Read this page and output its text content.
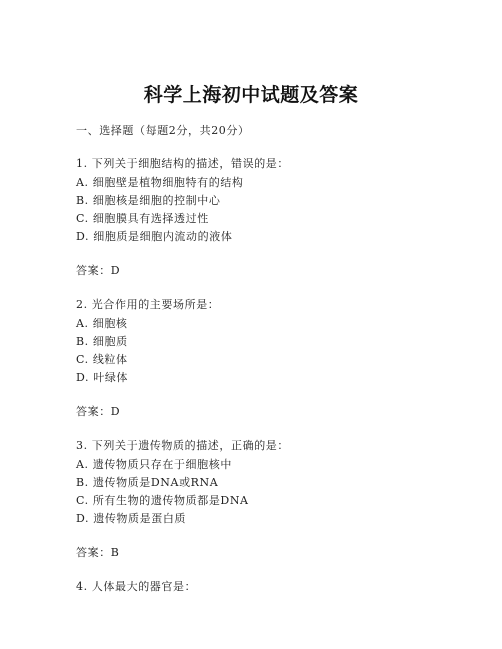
科学上海初中试题及答案
一、选择题（每题2分，共20分）
1. 下列关于细胞结构的描述，错误的是：
A. 细胞壁是植物细胞特有的结构
B. 细胞核是细胞的控制中心
C. 细胞膜具有选择透过性
D. 细胞质是细胞内流动的液体
答案：D
2. 光合作用的主要场所是：
A. 细胞核
B. 细胞质
C. 线粒体
D. 叶绿体
答案：D
3. 下列关于遗传物质的描述，正确的是：
A. 遗传物质只存在于细胞核中
B. 遗传物质是DNA或RNA
C. 所有生物的遗传物质都是DNA
D. 遗传物质是蛋白质
答案：B
4. 人体最大的器官是：
